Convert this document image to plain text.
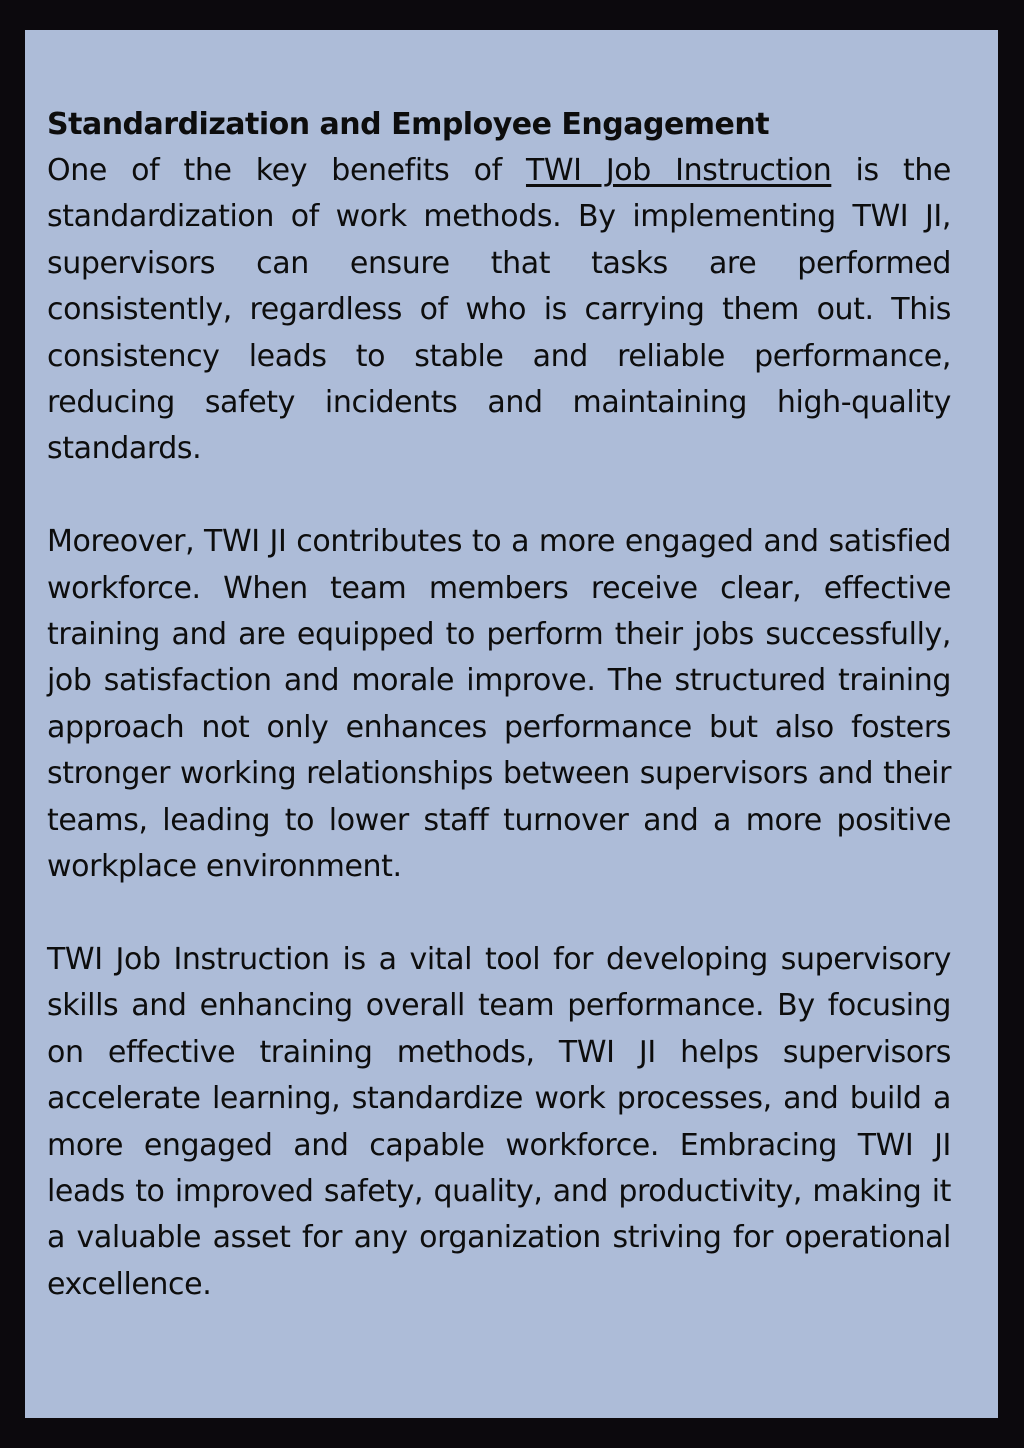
Standardization and Employee Engagement

One of the key benefits of TWI Job Instruction is the standardization of work methods. By implementing TWI JI, supervisors can ensure that tasks are performed consistently, regardless of who is carrying them out. This consistency leads to stable and reliable performance, reducing safety incidents and maintaining high-quality standards.

Moreover, TWI JI contributes to a more engaged and satisfied workforce. When team members receive clear, effective training and are equipped to perform their jobs successfully, job satisfaction and morale improve. The structured training approach not only enhances performance but also fosters stronger working relationships between supervisors and their teams, leading to lower staff turnover and a more positive workplace environment.

TWI Job Instruction is a vital tool for developing supervisory skills and enhancing overall team performance. By focusing on effective training methods, TWI JI helps supervisors accelerate learning, standardize work processes, and build a more engaged and capable workforce. Embracing TWI JI leads to improved safety, quality, and productivity, making it a valuable asset for any organization striving for operational excellence.
